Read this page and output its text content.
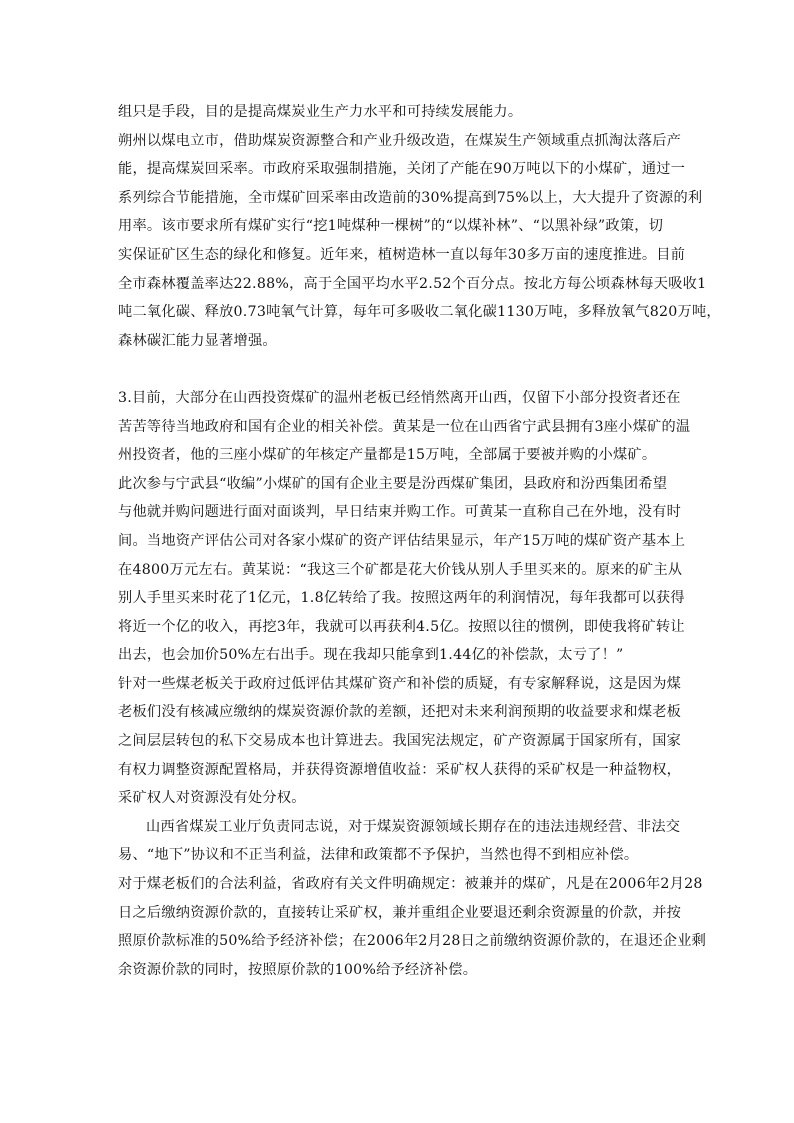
组只是手段，目的是提高煤炭业生产力水平和可持续发展能力。
朔州以煤电立市，借助煤炭资源整合和产业升级改造，在煤炭生产领域重点抓淘汰落后产
能，提高煤炭回采率。市政府采取强制措施，关闭了产能在90万吨以下的小煤矿，通过一
系列综合节能措施，全市煤矿回采率由改造前的30%提高到75%以上，大大提升了资源的利
用率。该市要求所有煤矿实行“挖1吨煤种一棵树”的“以煤补林”、“以黑补绿”政策，切
实保证矿区生态的绿化和修复。近年来，植树造林一直以每年30多万亩的速度推进。目前
全市森林覆盖率达22.88%，高于全国平均水平2.52个百分点。按北方每公顷森林每天吸收1
吨二氧化碳、释放0.73吨氧气计算，每年可多吸收二氧化碳1130万吨，多释放氧气820万吨，
森林碳汇能力显著增强。
3.目前，大部分在山西投资煤矿的温州老板已经悄然离开山西，仅留下小部分投资者还在
苦苦等待当地政府和国有企业的相关补偿。黄某是一位在山西省宁武县拥有3座小煤矿的温
州投资者，他的三座小煤矿的年核定产量都是15万吨，全部属于要被并购的小煤矿。
此次参与宁武县“收编”小煤矿的国有企业主要是汾西煤矿集团，县政府和汾西集团希望
与他就并购问题进行面对面谈判，早日结束并购工作。可黄某一直称自己在外地，没有时
间。当地资产评估公司对各家小煤矿的资产评估结果显示，年产15万吨的煤矿资产基本上
在4800万元左右。黄某说：“我这三个矿都是花大价钱从别人手里买来的。原来的矿主从
别人手里买来时花了1亿元，1.8亿转给了我。按照这两年的利润情况，每年我都可以获得
将近一个亿的收入，再挖3年，我就可以再获利4.5亿。按照以往的惯例，即使我将矿转让
出去，也会加价50%左右出手。现在我却只能拿到1.44亿的补偿款，太亏了！”
针对一些煤老板关于政府过低评估其煤矿资产和补偿的质疑，有专家解释说，这是因为煤
老板们没有核减应缴纳的煤炭资源价款的差额，还把对未来利润预期的收益要求和煤老板
之间层层转包的私下交易成本也计算进去。我国宪法规定，矿产资源属于国家所有，国家
有权力调整资源配置格局，并获得资源增值收益：采矿权人获得的采矿权是一种益物权，
采矿权人对资源没有处分权。
山西省煤炭工业厅负责同志说，对于煤炭资源领域长期存在的违法违规经营、非法交
易、“地下”协议和不正当利益，法律和政策都不予保护，当然也得不到相应补偿。
对于煤老板们的合法利益，省政府有关文件明确规定：被兼并的煤矿，凡是在2006年2月28
日之后缴纳资源价款的，直接转让采矿权，兼并重组企业要退还剩余资源量的价款，并按
照原价款标准的50%给予经济补偿；在2006年2月28日之前缴纳资源价款的，在退还企业剩
余资源价款的同时，按照原价款的100%给予经济补偿。
